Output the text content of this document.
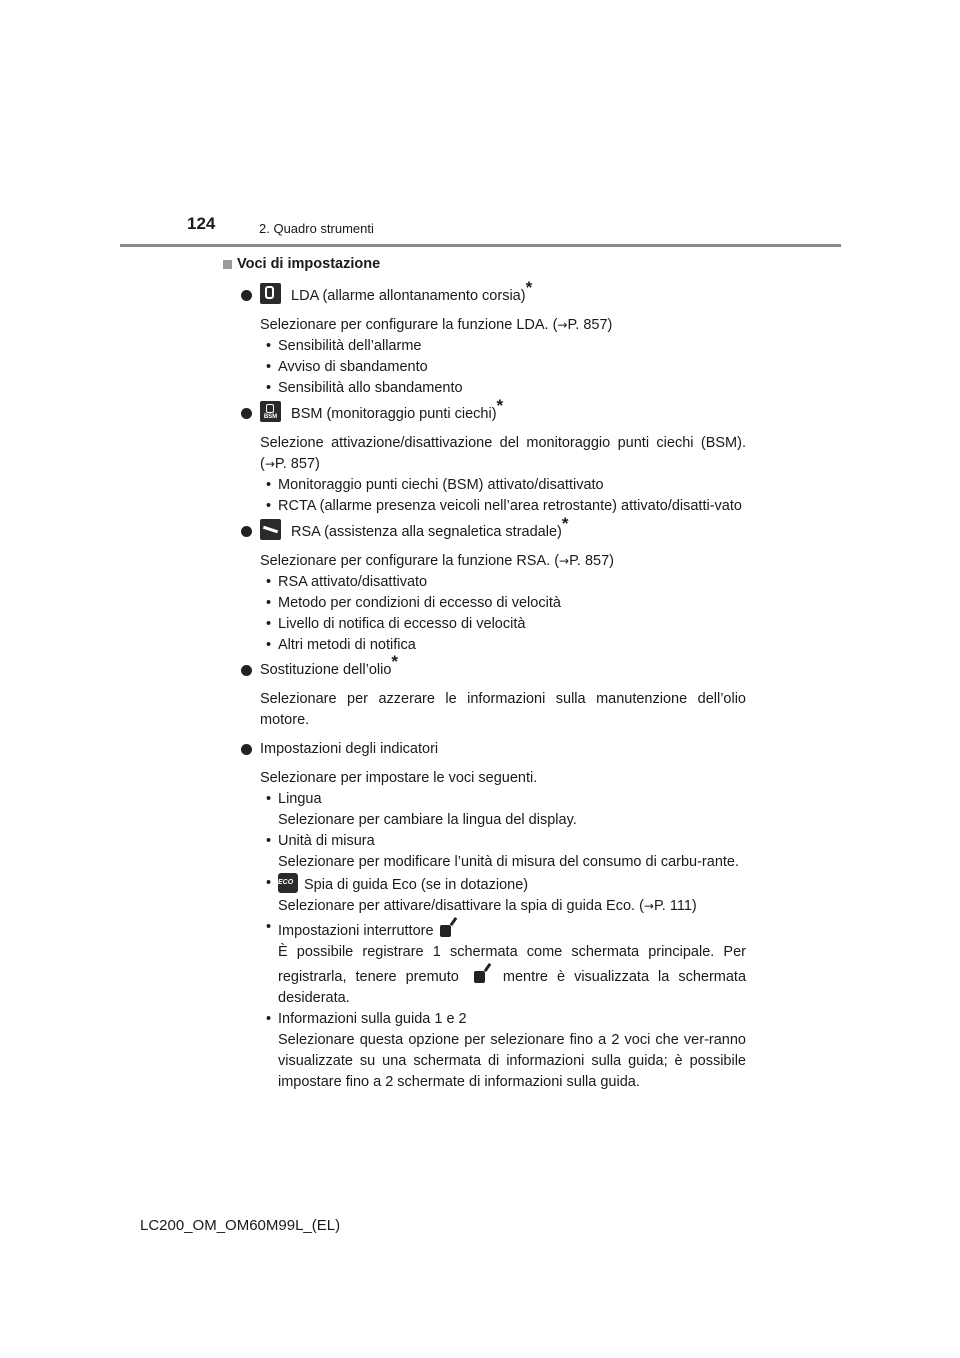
124	2. Quadro strumenti
Voci di impostazione
LDA (allarme allontanamento corsia)*
Selezionare per configurare la funzione LDA. (→P. 857)
• Sensibilità dell’allarme
• Avviso di sbandamento
• Sensibilità allo sbandamento
BSM BSM (monitoraggio punti ciechi)*
Selezione attivazione/disattivazione del monitoraggio punti ciechi (BSM). (→P. 857)
• Monitoraggio punti ciechi (BSM) attivato/disattivato
• RCTA (allarme presenza veicoli nell’area retrostante) attivato/disatti-vato
RSA (assistenza alla segnaletica stradale)*
Selezionare per configurare la funzione RSA. (→P. 857)
• RSA attivato/disattivato
• Metodo per condizioni di eccesso di velocità
• Livello di notifica di eccesso di velocità
• Altri metodi di notifica
Sostituzione dell’olio*
Selezionare per azzerare le informazioni sulla manutenzione dell’olio motore.
Impostazioni degli indicatori
Selezionare per impostare le voci seguenti.
• Lingua
Selezionare per cambiare la lingua del display.
• Unità di misura
Selezionare per modificare l’unità di misura del consumo di carbu-rante.
• ECO Spia di guida Eco (se in dotazione)
Selezionare per attivare/disattivare la spia di guida Eco. (→P. 111)
• Impostazioni interruttore
È possibile registrare 1 schermata come schermata principale. Per registrarla, tenere premuto	mentre è visualizzata la schermata desiderata.
• Informazioni sulla guida 1 e 2
Selezionare questa opzione per selezionare fino a 2 voci che ver-ranno visualizzate su una schermata di informazioni sulla guida; è possibile impostare fino a 2 schermate di informazioni sulla guida.
LC200_OM_OM60M99L_(EL)
